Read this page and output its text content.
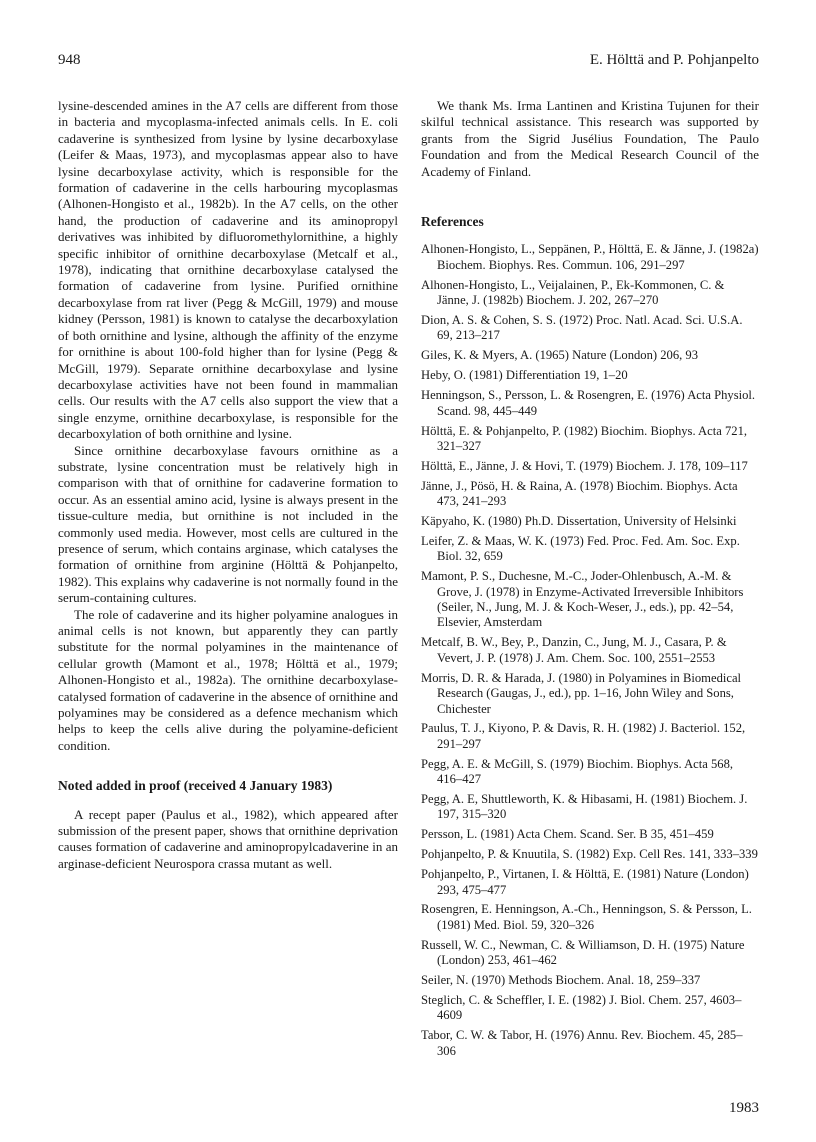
948	E. Hölttä and P. Pohjanpelto

lysine-descended amines in the A7 cells are different from those in bacteria and mycoplasma-infected animals cells. In E. coli cadaverine is synthesized from lysine by lysine decarboxylase (Leifer & Maas, 1973), and mycoplasmas appear also to have lysine decarboxylase activity, which is responsible for the formation of cadaverine in the cells harbouring mycoplasmas (Alhonen-Hongisto et al., 1982b). In the A7 cells, on the other hand, the production of cadaverine and its aminopropyl derivatives was inhibited by difluoromethylornithine, a highly specific inhibitor of ornithine decarboxylase (Metcalf et al., 1978), indicating that ornithine decarboxylase catalysed the formation of cadaverine from lysine. Purified ornithine decarboxylase from rat liver (Pegg & McGill, 1979) and mouse kidney (Persson, 1981) is known to catalyse the decarboxylation of both ornithine and lysine, although the affinity of the enzyme for ornithine is about 100-fold higher than for lysine (Pegg & McGill, 1979). Separate ornithine decarboxylase and lysine decarboxylase activities have not been found in mammalian cells. Our results with the A7 cells also support the view that a single enzyme, ornithine decarboxylase, is responsible for the decarboxylation of both ornithine and lysine.

Since ornithine decarboxylase favours ornithine as a substrate, lysine concentration must be relatively high in comparison with that of ornithine for cadaverine formation to occur. As an essential amino acid, lysine is always present in the tissue-culture media, but ornithine is not included in the commonly used media. However, most cells are cultured in the presence of serum, which contains arginase, which catalyses the formation of ornithine from arginine (Hölttä & Pohjanpelto, 1982). This explains why cadaverine is not normally found in the serum-containing cultures.

The role of cadaverine and its higher polyamine analogues in animal cells is not known, but apparently they can partly substitute for the normal polyamines in the maintenance of cellular growth (Mamont et al., 1978; Hölttä et al., 1979; Alhonen-Hongisto et al., 1982a). The ornithine decarboxylase-catalysed formation of cadaverine in the absence of ornithine and polyamines may be considered as a defence mechanism which helps to keep the cells alive during the polyamine-deficient condition.

Noted added in proof (received 4 January 1983)

A recept paper (Paulus et al., 1982), which appeared after submission of the present paper, shows that ornithine deprivation causes formation of cadaverine and aminopropylcadaverine in an arginase-deficient Neurospora crassa mutant as well.

We thank Ms. Irma Lantinen and Kristina Tujunen for their skilful technical assistance. This research was supported by grants from the Sigrid Jusélius Foundation, The Paulo Foundation and from the Medical Research Council of the Academy of Finland.

References

Alhonen-Hongisto, L., Seppänen, P., Hölttä, E. & Jänne, J. (1982a) Biochem. Biophys. Res. Commun. 106, 291–297
Alhonen-Hongisto, L., Veijalainen, P., Ek-Kommonen, C. & Jänne, J. (1982b) Biochem. J. 202, 267–270
Dion, A. S. & Cohen, S. S. (1972) Proc. Natl. Acad. Sci. U.S.A. 69, 213–217
Giles, K. & Myers, A. (1965) Nature (London) 206, 93
Heby, O. (1981) Differentiation 19, 1–20
Henningson, S., Persson, L. & Rosengren, E. (1976) Acta Physiol. Scand. 98, 445–449
Hölttä, E. & Pohjanpelto, P. (1982) Biochim. Biophys. Acta 721, 321–327
Hölttä, E., Jänne, J. & Hovi, T. (1979) Biochem. J. 178, 109–117
Jänne, J., Pösö, H. & Raina, A. (1978) Biochim. Biophys. Acta 473, 241–293
Käpyaho, K. (1980) Ph.D. Dissertation, University of Helsinki
Leifer, Z. & Maas, W. K. (1973) Fed. Proc. Fed. Am. Soc. Exp. Biol. 32, 659
Mamont, P. S., Duchesne, M.-C., Joder-Ohlenbusch, A.-M. & Grove, J. (1978) in Enzyme-Activated Irreversible Inhibitors (Seiler, N., Jung, M. J. & Koch-Weser, J., eds.), pp. 42–54, Elsevier, Amsterdam
Metcalf, B. W., Bey, P., Danzin, C., Jung, M. J., Casara, P. & Vevert, J. P. (1978) J. Am. Chem. Soc. 100, 2551–2553
Morris, D. R. & Harada, J. (1980) in Polyamines in Biomedical Research (Gaugas, J., ed.), pp. 1–16, John Wiley and Sons, Chichester
Paulus, T. J., Kiyono, P. & Davis, R. H. (1982) J. Bacteriol. 152, 291–297
Pegg, A. E. & McGill, S. (1979) Biochim. Biophys. Acta 568, 416–427
Pegg, A. E, Shuttleworth, K. & Hibasami, H. (1981) Biochem. J. 197, 315–320
Persson, L. (1981) Acta Chem. Scand. Ser. B 35, 451–459
Pohjanpelto, P. & Knuutila, S. (1982) Exp. Cell Res. 141, 333–339
Pohjanpelto, P., Virtanen, I. & Hölttä, E. (1981) Nature (London) 293, 475–477
Rosengren, E. Henningson, A.-Ch., Henningson, S. & Persson, L. (1981) Med. Biol. 59, 320–326
Russell, W. C., Newman, C. & Williamson, D. H. (1975) Nature (London) 253, 461–462
Seiler, N. (1970) Methods Biochem. Anal. 18, 259–337
Steglich, C. & Scheffler, I. E. (1982) J. Biol. Chem. 257, 4603–4609
Tabor, C. W. & Tabor, H. (1976) Annu. Rev. Biochem. 45, 285–306
1983
